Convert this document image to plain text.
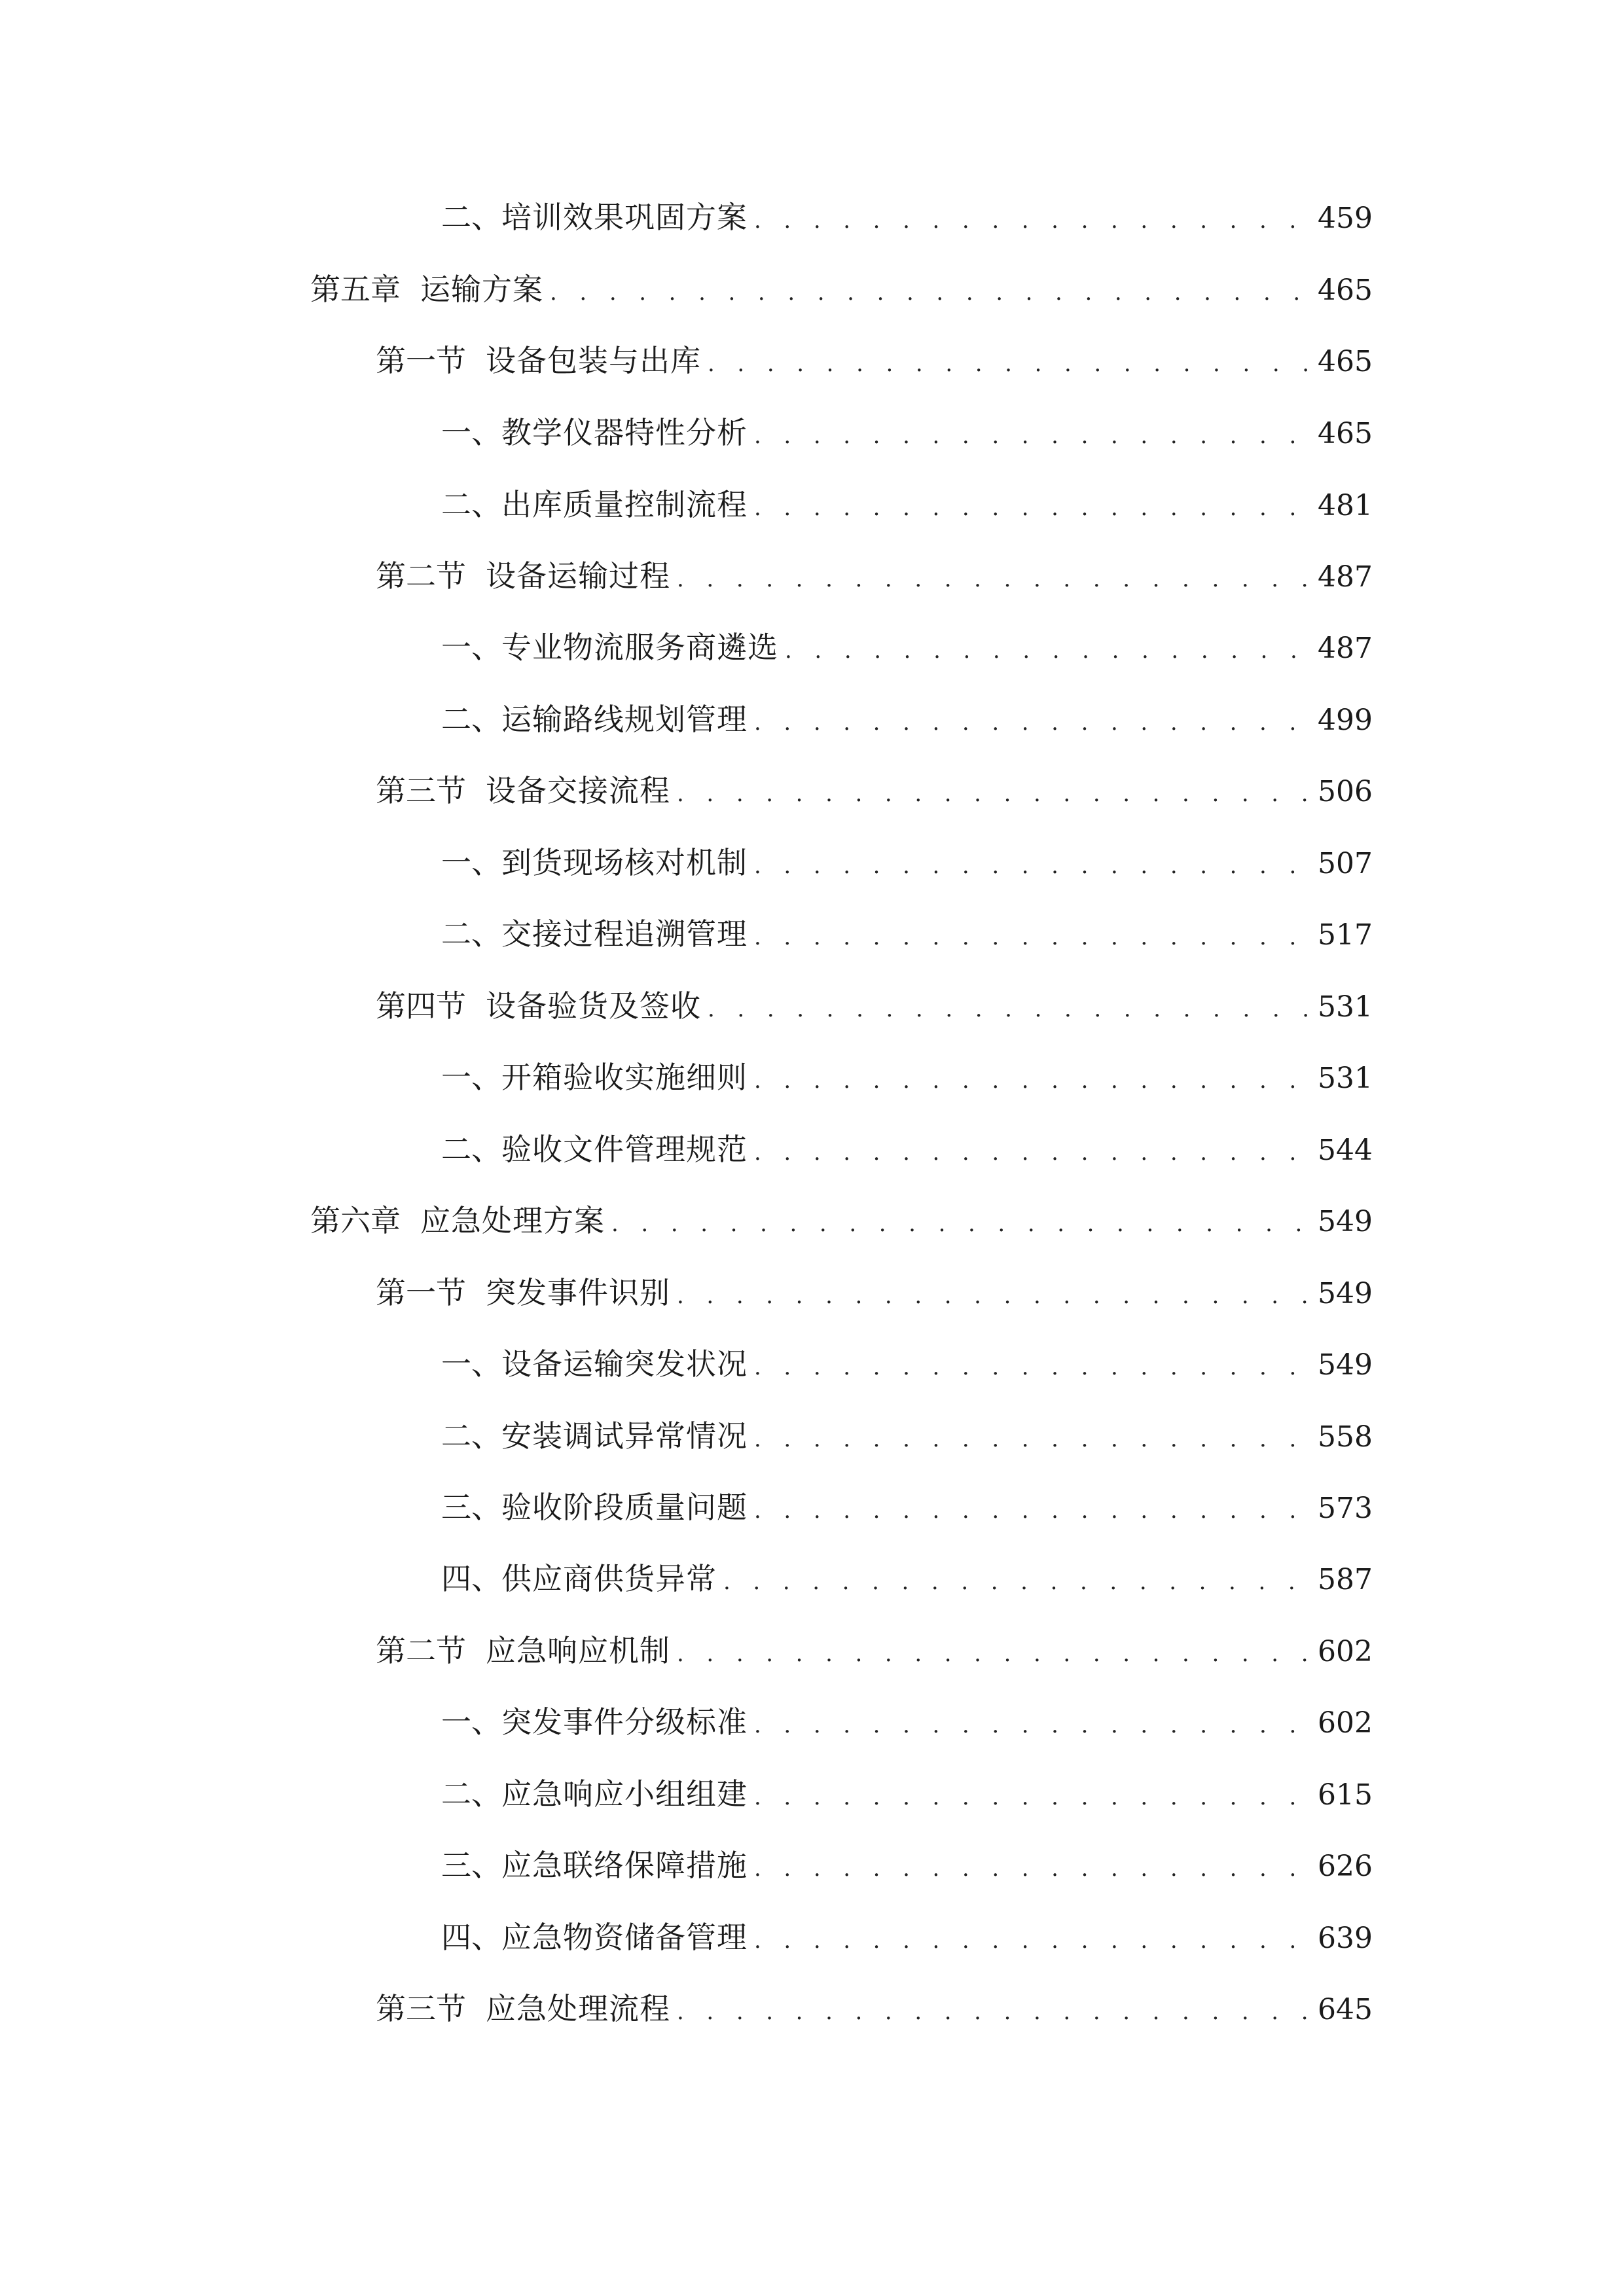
二、 培训效果巩固方案 . . .	459
第五章 运输方案 . . .	465
第一节 设备包装与出库 . . .	465
一、 教学仪器特性分析 . . .	465
二、 出库质量控制流程 . . .	481
第二节 设备运输过程 . . .	487
一、 专业物流服务商遴选 . . .	487
二、 运输路线规划管理 . . .	499
第三节 设备交接流程 . . .	506
一、 到货现场核对机制 . . .	507
二、 交接过程追溯管理 . . .	517
第四节 设备验货及签收 . . .	531
一、 开箱验收实施细则 . . .	531
二、 验收文件管理规范 . . .	544
第六章 应急处理方案 . . .	549
第一节 突发事件识别 . . .	549
一、 设备运输突发状况 . . .	549
二、 安装调试异常情况 . . .	558
三、 验收阶段质量问题 . . .	573
四、 供应商供货异常 . . .	587
第二节 应急响应机制 . . .	602
一、 突发事件分级标准 . . .	602
二、 应急响应小组组建 . . .	615
三、 应急联络保障措施 . . .	626
四、 应急物资储备管理 . . .	639
第三节 应急处理流程 . . .	645
